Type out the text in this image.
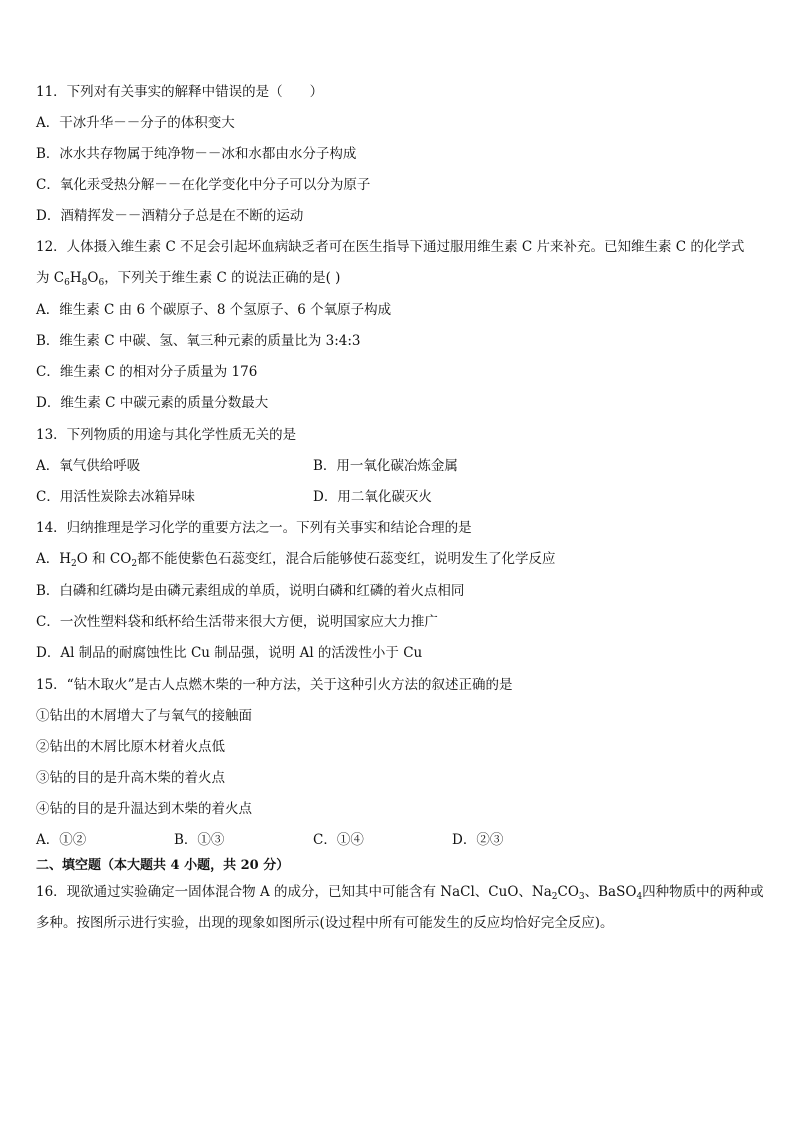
11．下列对有关事实的解释中错误的是（　　）
A．干冰升华－－分子的体积变大
B．冰水共存物属于纯净物－－冰和水都由水分子构成
C．氧化汞受热分解－－在化学变化中分子可以分为原子
D．酒精挥发－－酒精分子总是在不断的运动
12．人体摄入维生素 C 不足会引起坏血病缺乏者可在医生指导下通过服用维生素 C 片来补充。已知维生素 C 的化学式
为 $C_6H_8O_6$，下列关于维生素 C 的说法正确的是( )
A．维生素 C 由 6 个碳原子、8 个氢原子、6 个氧原子构成
B．维生素 C 中碳、氢、氧三种元素的质量比为 3:4:3
C．维生素 C 的相对分子质量为 176
D．维生素 C 中碳元素的质量分数最大
13．下列物质的用途与其化学性质无关的是
A．氧气供给呼吸	B．用一氧化碳冶炼金属
C．用活性炭除去冰箱异味	D．用二氧化碳灭火
14．归纳推理是学习化学的重要方法之一。下列有关事实和结论合理的是
A．$H_2O$ 和 $CO_2$都不能使紫色石蕊变红，混合后能够使石蕊变红，说明发生了化学反应
B．白磷和红磷均是由磷元素组成的单质，说明白磷和红磷的着火点相同
C．一次性塑料袋和纸杯给生活带来很大方便，说明国家应大力推广
D．Al 制品的耐腐蚀性比 Cu 制品强，说明 Al 的活泼性小于 Cu
15．“钻木取火”是古人点燃木柴的一种方法，关于这种引火方法的叙述正确的是
①钻出的木屑增大了与氧气的接触面
②钻出的木屑比原木材着火点低
③钻的目的是升高木柴的着火点
④钻的目的是升温达到木柴的着火点
A．①②	B．①③	C．①④	D．②③
二、填空题（本大题共 4 小题，共 20 分）
16．现欲通过实验确定一固体混合物 A 的成分，已知其中可能含有 NaCl、CuO、$Na_2CO_3$、BaSO$_4$四种物质中的两种或
多种。按图所示进行实验，出现的现象如图所示(设过程中所有可能发生的反应均恰好完全反应)。
